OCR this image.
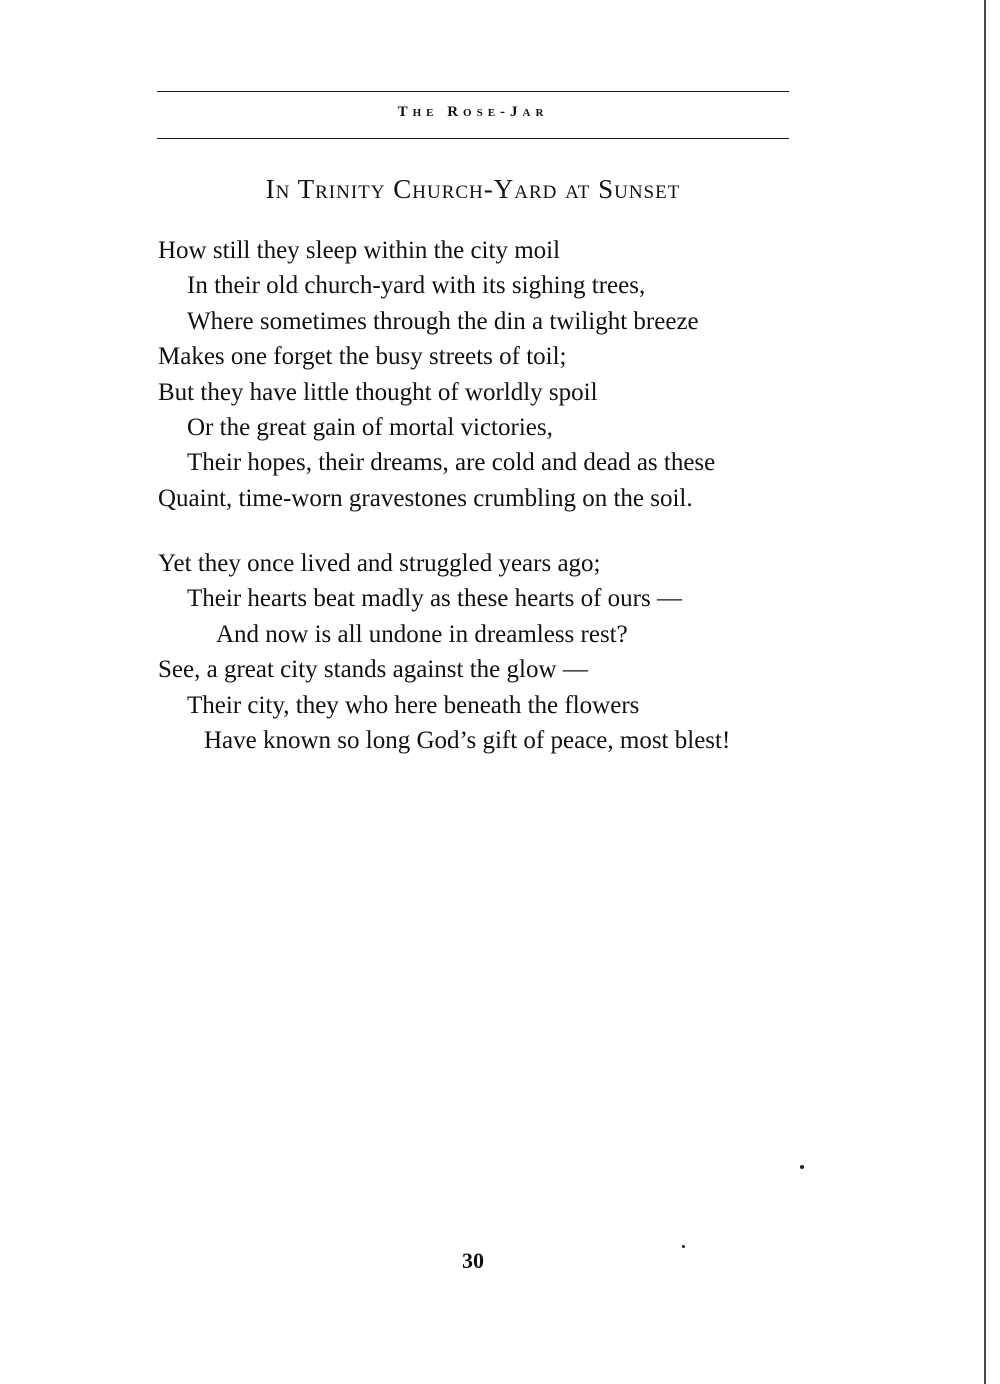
The Rose-Jar
In Trinity Church-Yard at Sunset
How still they sleep within the city moil
In their old church-yard with its sighing trees,
Where sometimes through the din a twilight breeze
Makes one forget the busy streets of toil;
But they have little thought of worldly spoil
Or the great gain of mortal victories,
Their hopes, their dreams, are cold and dead as these
Quaint, time-worn gravestones crumbling on the soil.
Yet they once lived and struggled years ago;
Their hearts beat madly as these hearts of ours —
And now is all undone in dreamless rest?
See, a great city stands against the glow —
Their city, they who here beneath the flowers
Have known so long God’s gift of peace, most blest!
30
